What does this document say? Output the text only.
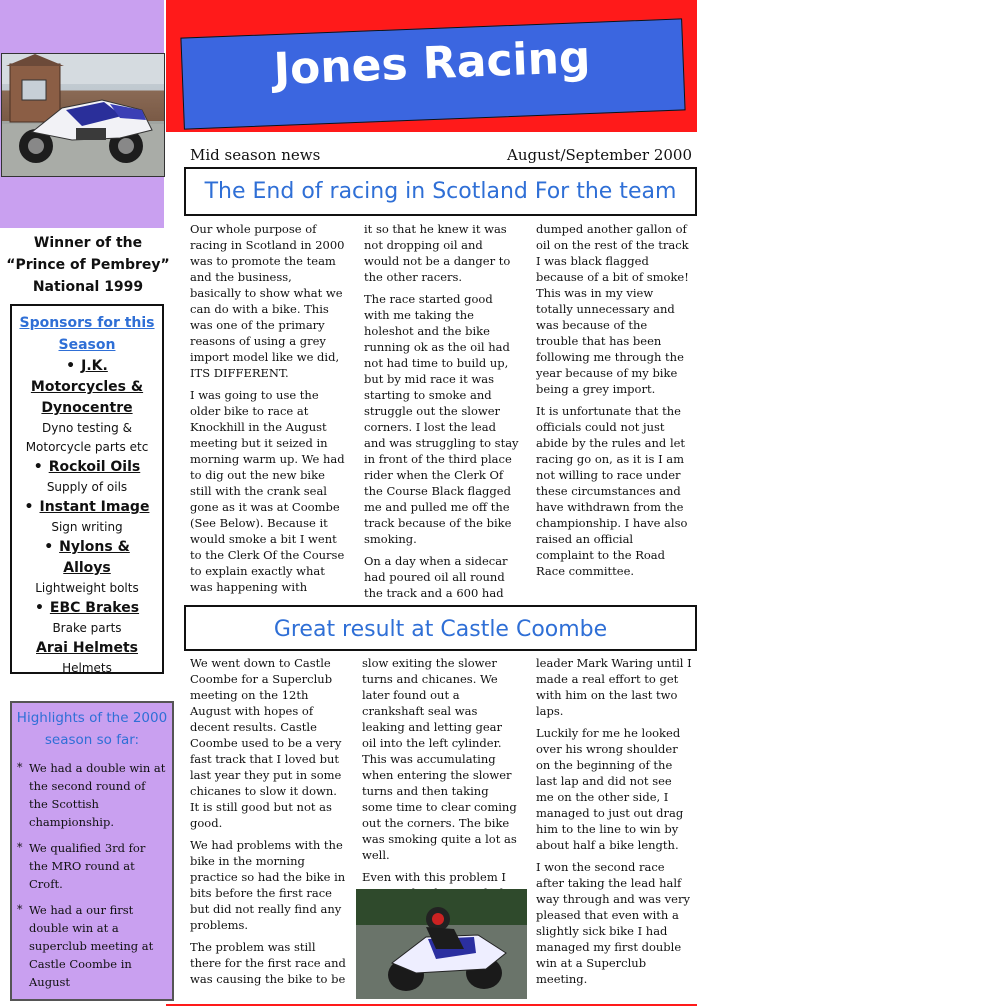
Winner of the
“Prince of Pembrey”
National 1999
Sponsors for this Season
•J.K. Motorcycles & Dynocentre
Dyno testing & Motorcycle parts etc
•Rockoil Oils
Supply of oils
•Instant Image
Sign writing
•Nylons & Alloys
Lightweight bolts
•EBC Brakes
Brake parts
Arai Helmets
Helmets
Highlights of the 2000 season so far:
* We had a double win at the second round of the Scottish championship.
* We qualified 3rd for the MRO round at Croft.
* We had a our first double win at a superclub meeting at Castle Coombe in August
Jones Racing
Mid season news	August/September 2000
The End of racing in Scotland For the team

Our whole purpose of racing in Scotland in 2000 was to promote the team and the business, basically to show what we can do with a bike. This was one of the primary reasons of using a grey import model like we did, ITS DIFFERENT.

I was going to use the older bike to race at Knockhill in the August meeting but it seized in morning warm up. We had to dig out the new bike still with the crank seal gone as it was at Coombe (See Below). Because it would smoke a bit I went to the Clerk Of the Course to explain exactly what was happening with

it so that he knew it was not dropping oil and would not be a danger to the other racers.

The race started good with me taking the holeshot and the bike running ok as the oil had not had time to build up, but by mid race it was starting to smoke and struggle out the slower corners. I lost the lead and was struggling to stay in front of the third place rider when the Clerk Of the Course Black flagged me and pulled me off the track because of the bike smoking.

On a day when a sidecar had poured oil all round the track and a 600 had

dumped another gallon of oil on the rest of the track I was black flagged because of a bit of smoke! This was in my view totally unnecessary and was because of the trouble that has been following me through the year because of my bike being a grey import.

It is unfortunate that the officials could not just abide by the rules and let racing go on, as it is I am not willing to race under these circumstances and have withdrawn from the championship. I have also raised an official complaint to the Road Race committee.

Great result at Castle Coombe

We went down to Castle Coombe for a Superclub meeting on the 12th August with hopes of decent results. Castle Coombe used to be a very fast track that I loved but last year they put in some chicanes to slow it down. It is still good but not as good.

We had problems with the bike in the morning practice so had the bike in bits before the first race but did not really find any problems.

The problem was still there for the first race and was causing the bike to be

slow exiting the slower turns and chicanes. We later found out a crankshaft seal was leaking and letting gear oil into the left cylinder. This was accumulating when entering the slower turns and then taking some time to clear coming out the corners. The bike was smoking quite a lot as well.

Even with this problem I

leader Mark Waring until I made a real effort to get with him on the last two laps.

Luckily for me he looked over his wrong shoulder on the beginning of the last lap and did not see me on the other side, I managed to just out drag him to the line to win by about half a bike length.

I won the second race after taking the lead half way through and was very pleased that even with a slightly sick bike I had managed my first double win at a Superclub meeting.
